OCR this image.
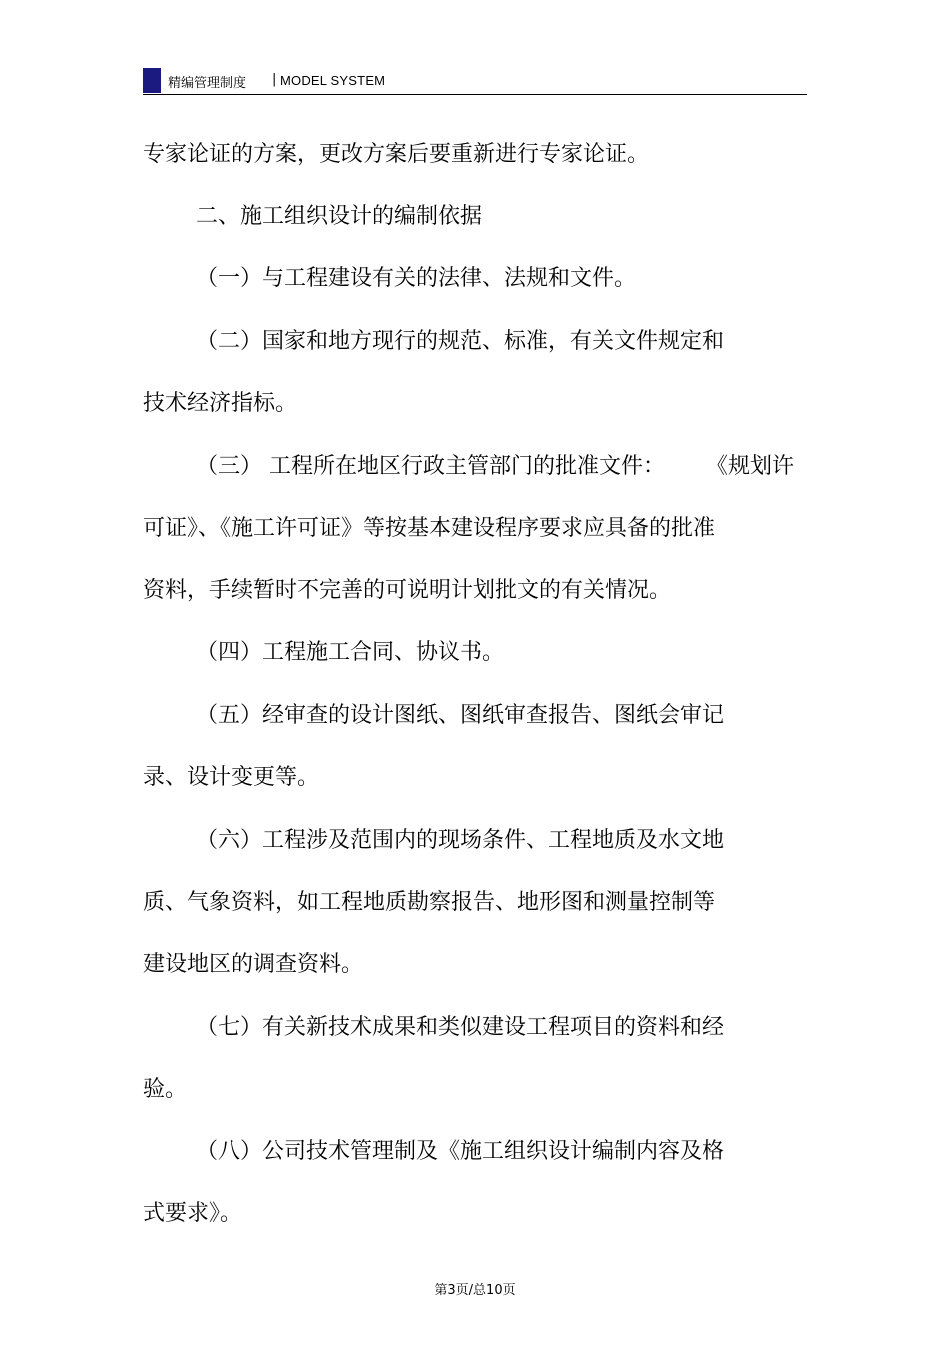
精编管理制度 | MODEL SYSTEM
专家论证的方案，更改方案后要重新进行专家论证。
二、施工组织设计的编制依据
（一）与工程建设有关的法律、法规和文件。
（二）国家和地方现行的规范、标准，有关文件规定和
技术经济指标。
（三） 工程所在地区行政主管部门的批准文件： 《规划许
可证》、《施工许可证》等按基本建设程序要求应具备的批准
资料，手续暂时不完善的可说明计划批文的有关情况。
（四）工程施工合同、协议书。
（五）经审查的设计图纸、图纸审查报告、图纸会审记
录、设计变更等。
（六）工程涉及范围内的现场条件、工程地质及水文地
质、气象资料，如工程地质勘察报告、地形图和测量控制等
建设地区的调查资料。
（七）有关新技术成果和类似建设工程项目的资料和经
验。
（八）公司技术管理制及《施工组织设计编制内容及格
式要求》。
第3页/总10页
